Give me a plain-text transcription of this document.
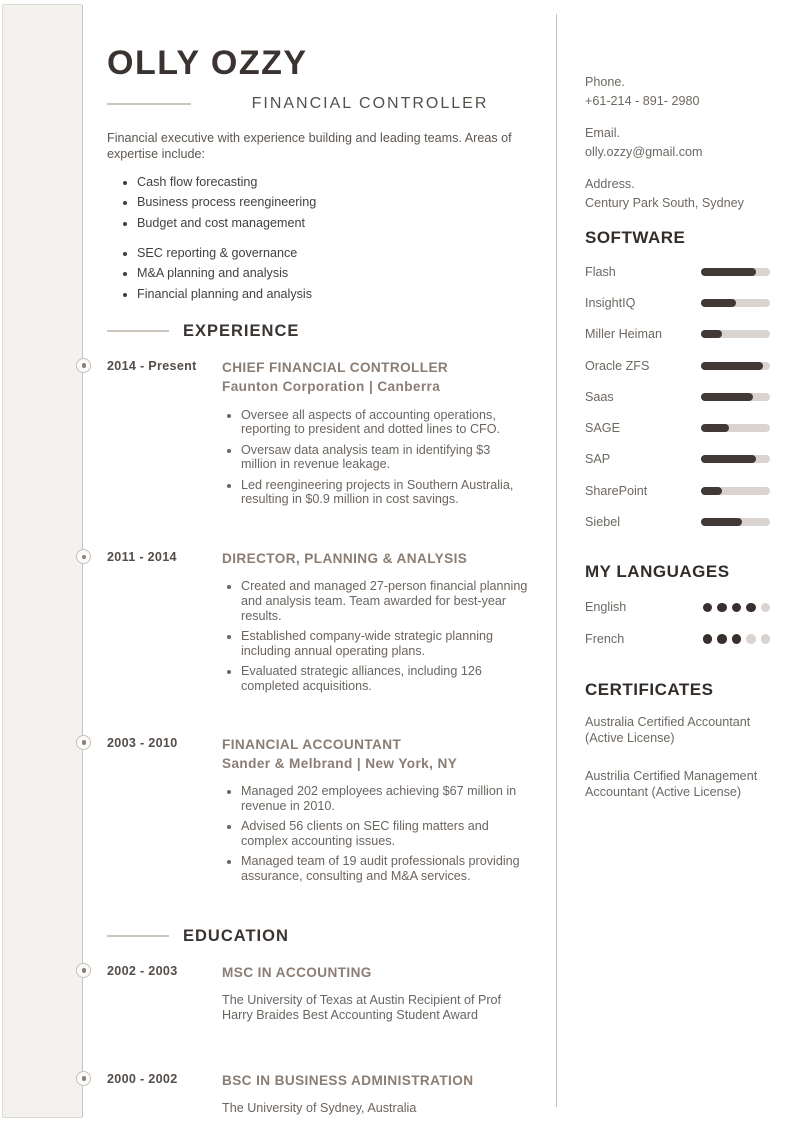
OLLY OZZY
FINANCIAL CONTROLLER
Financial executive with experience building and leading teams. Areas of expertise include:
• Cash flow forecasting
• Business process reengineering
• Budget and cost management
• SEC reporting & governance
• M&A planning and analysis
• Financial planning and analysis
EXPERIENCE
2014 - Present	CHIEF FINANCIAL CONTROLLER
Faunton Corporation | Canberra
• Oversee all aspects of accounting operations, reporting to president and dotted lines to CFO.
• Oversaw data analysis team in identifying $3 million in revenue leakage.
• Led reengineering projects in Southern Australia, resulting in $0.9 million in cost savings.
2011 - 2014	DIRECTOR, PLANNING & ANALYSIS
• Created and managed 27-person financial planning and analysis team. Team awarded for best-year results.
• Established company-wide strategic planning including annual operating plans.
• Evaluated strategic alliances, including 126 completed acquisitions.
2003 - 2010	FINANCIAL ACCOUNTANT
Sander & Melbrand | New York, NY
• Managed 202 employees achieving $67 million in revenue in 2010.
• Advised 56 clients on SEC filing matters and complex accounting issues.
• Managed team of 19 audit professionals providing assurance, consulting and M&A services.
EDUCATION
2002 - 2003	MSC IN ACCOUNTING
The University of Texas at Austin Recipient of Prof Harry Braides Best Accounting Student Award
2000 - 2002	BSC IN BUSINESS ADMINISTRATION
The University of Sydney, Australia
Phone.
+61-214 - 891- 2980
Email.
olly.ozzy@gmail.com
Address.
Century Park South, Sydney
SOFTWARE
Flash
InsightIQ
Miller Heiman
Oracle ZFS
Saas
SAGE
SAP
SharePoint
Siebel
MY LANGUAGES
English
French
CERTIFICATES
Australia Certified Accountant (Active License)
Austrilia Certified Management Accountant (Active License)
